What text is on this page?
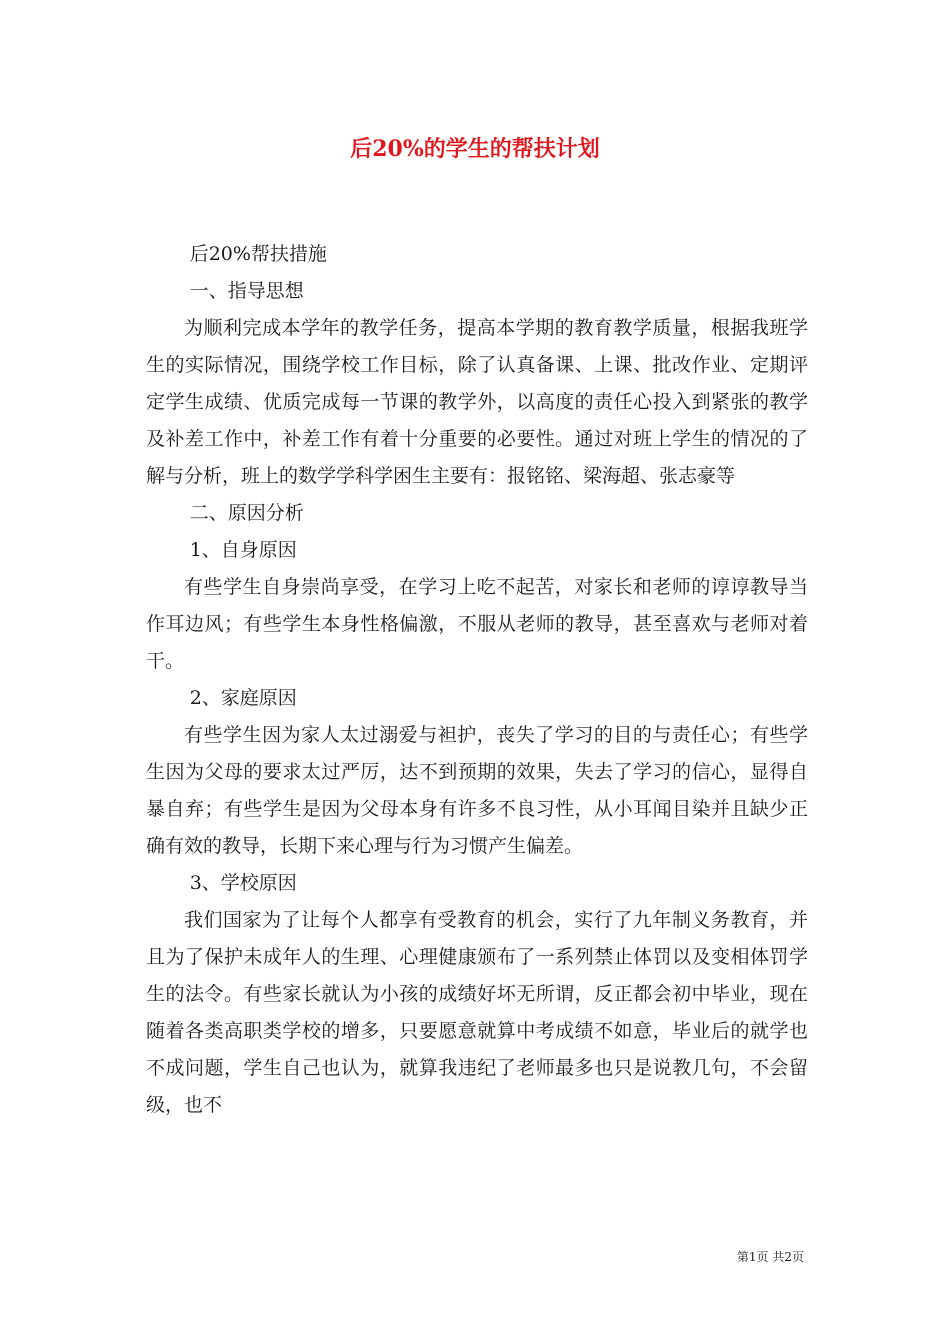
后20%的学生的帮扶计划

后20%帮扶措施

一、指导思想

为顺利完成本学年的教学任务，提高本学期的教育教学质量，根据我班学生的实际情况，围绕学校工作目标，除了认真备课、上课、批改作业、定期评定学生成绩、优质完成每一节课的教学外，以高度的责任心投入到紧张的教学及补差工作中，补差工作有着十分重要的必要性。通过对班上学生的情况的了解与分析，班上的数学学科学困生主要有：报铭铭、梁海超、张志豪等

二、原因分析

1、自身原因

有些学生自身崇尚享受，在学习上吃不起苦，对家长和老师的谆谆教导当作耳边风；有些学生本身性格偏激，不服从老师的教导，甚至喜欢与老师对着干。

2、家庭原因

有些学生因为家人太过溺爱与袒护，丧失了学习的目的与责任心；有些学生因为父母的要求太过严厉，达不到预期的效果，失去了学习的信心，显得自暴自弃；有些学生是因为父母本身有许多不良习性，从小耳闻目染并且缺少正确有效的教导，长期下来心理与行为习惯产生偏差。

3、学校原因

我们国家为了让每个人都享有受教育的机会，实行了九年制义务教育，并且为了保护未成年人的生理、心理健康颁布了一系列禁止体罚以及变相体罚学生的法令。有些家长就认为小孩的成绩好坏无所谓，反正都会初中毕业，现在随着各类高职类学校的增多，只要愿意就算中考成绩不如意，毕业后的就学也不成问题，学生自己也认为，就算我违纪了老师最多也只是说教几句，不会留级，也不

第1页 共2页
